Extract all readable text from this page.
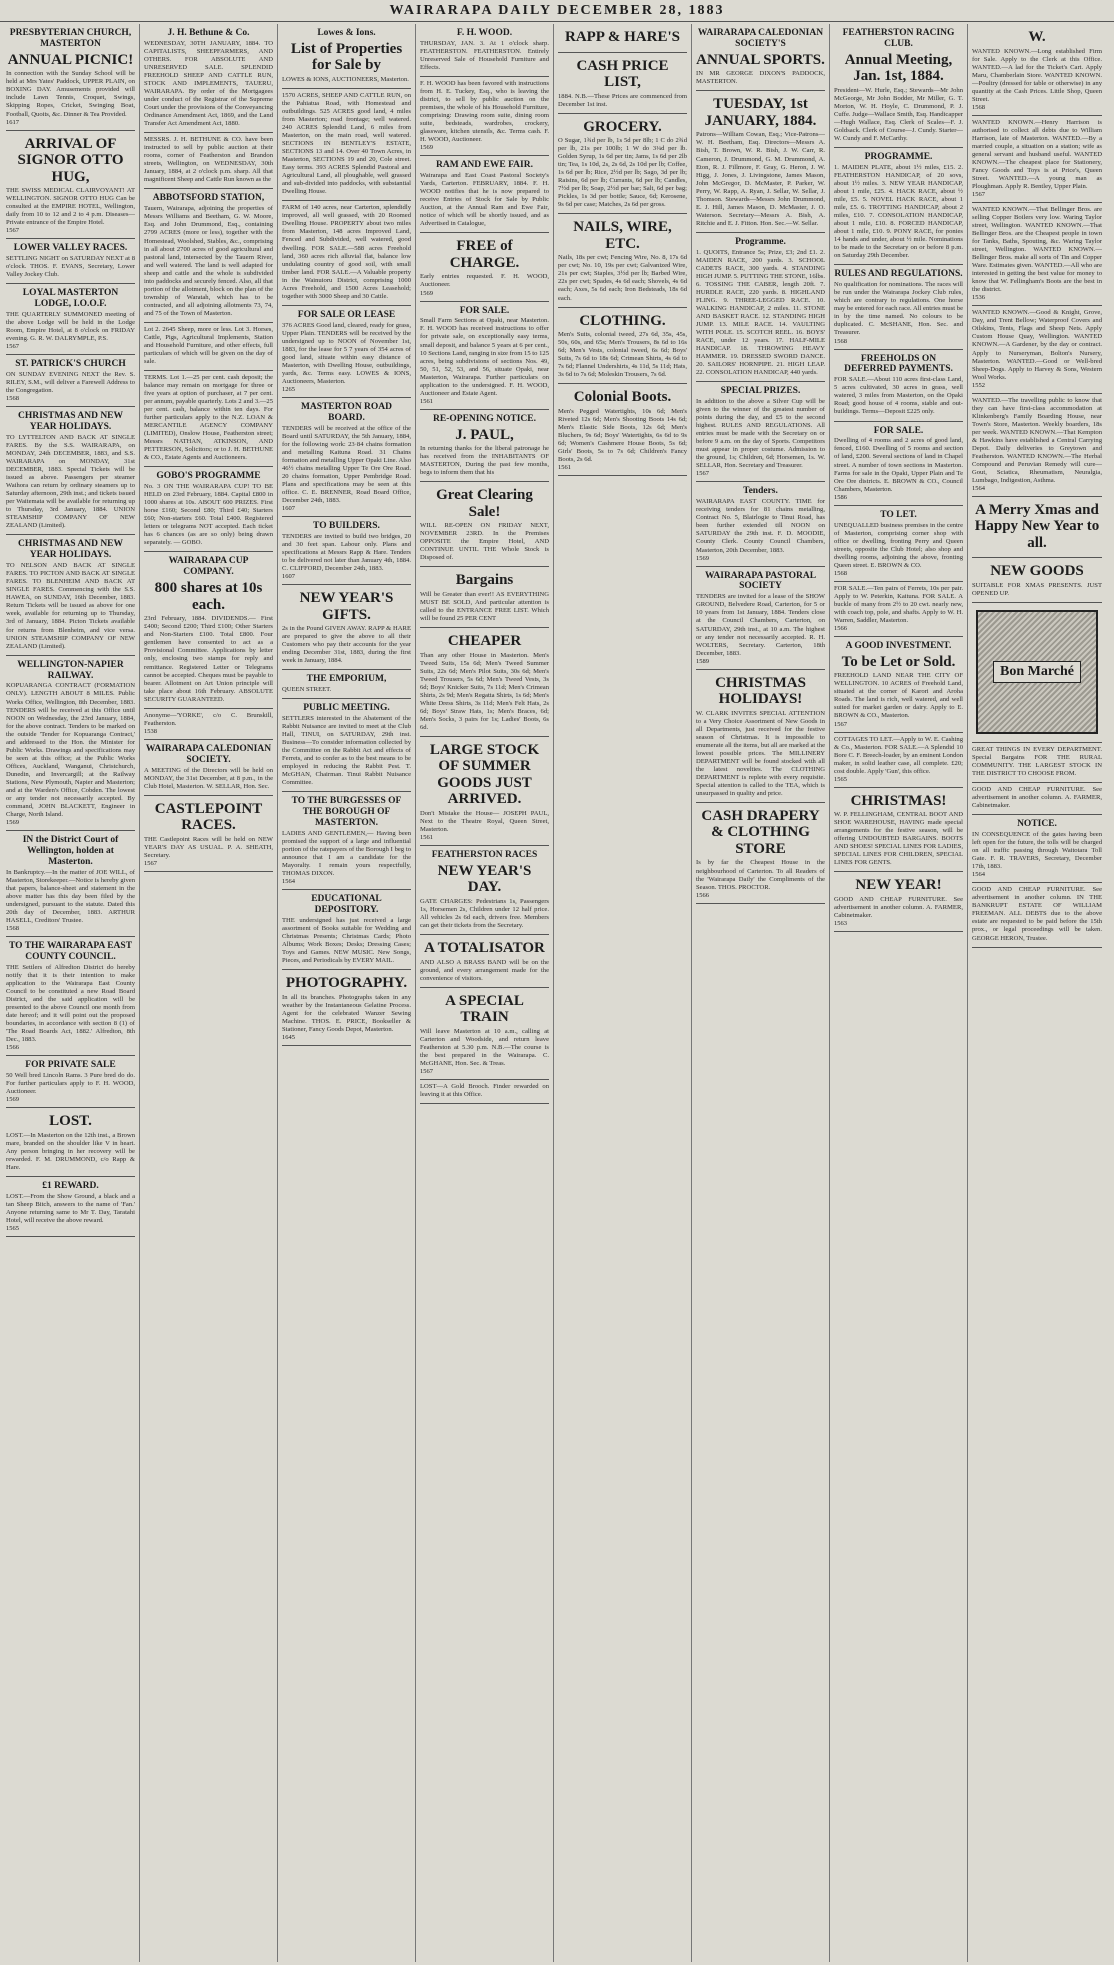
WAIRARAPA DAILY DECEMBER 28, 1883
PRESBYTERIAN CHURCH, MASTERTON
ANNUAL PICNIC!

In connection with the Sunday School will be held at Mrs Yates' Paddock, UPPER PLAIN, on BOXING DAY. Amusements provided will include Lawn Tennis, Croquet, Swings, Skipping Ropes, Cricket, Swinging Boat, Football, Quoits, &c. Dinner & Tea Provided.

1617
ARRIVAL OF SIGNOR OTTO HUG,

THE SWISS MEDICAL CLAIRVOYANT! AT WELLINGTON. SIGNOR OTTO HUG Can be consulted at the EMPIRE HOTEL, Wellington, daily from 10 to 12 and 2 to 4 p.m. Diseases—Private entrance of the Empire Hotel.

1567
LOWER VALLEY RACES.

SETTLING NIGHT on SATURDAY NEXT at 8 o'clock. THOS. F. EVANS, Secretary, Lower Valley Jockey Club.

LOYAL MASTERTON LODGE, I.O.O.F.

THE QUARTERLY SUMMONED meeting of the above Lodge will be held in the Lodge Room, Empire Hotel, at 8 o'clock on FRIDAY evening. G. R. W. DALRYMPLE, P.S.

1567
ST. PATRICK'S CHURCH

ON SUNDAY EVENING NEXT the Rev. S. RILEY, S.M., will deliver a Farewell Address to the Congregation.

1568
CHRISTMAS AND NEW YEAR HOLIDAYS.

TO LYTTELTON AND BACK AT SINGLE FARES. By the S.S. WAIRARAPA, on MONDAY, 24th DECEMBER, 1883, and S.S. WAIRARAPA on MONDAY, 31st DECEMBER, 1883. Special Tickets will be issued as above. Passengers per steamer Waihora can return by ordinary steamers up to Saturday afternoon, 29th inst.; and tickets issued per Waitemata will be available for returning up to Thursday, 3rd January, 1884. UNION STEAMSHIP COMPANY OF NEW ZEALAND (Limited).

CHRISTMAS AND NEW YEAR HOLIDAYS.

TO NELSON AND BACK AT SINGLE FARES. TO PICTON AND BACK AT SINGLE FARES. TO BLENHEIM AND BACK AT SINGLE FARES. Commencing with the S.S. HAWEA, on SUNDAY, 16th December, 1883. Return Tickets will be issued as above for one week, available for returning up to Thursday, 3rd of January, 1884. Picton Tickets available for returns from Blenheim, and vice versa. UNION STEAMSHIP COMPANY OF NEW ZEALAND (Limited).

WELLINGTON-NAPIER RAILWAY.

KOPUARANGA CONTRACT (FORMATION ONLY). LENGTH ABOUT 8 MILES. Public Works Office, Wellington, 8th December, 1883. TENDERS will be received at this Office until NOON on Wednesday, the 23rd January, 1884, for the above contract. Tenders to be marked on the outside 'Tender for Kopuaranga Contract,' and addressed to the Hon. the Minister for Public Works. Drawings and specifications may be seen at this office; at the Public Works Offices, Auckland, Wanganui, Christchurch, Dunedin, and Invercargill; at the Railway Stations, New Plymouth, Napier and Masterton; and at the Warden's Office, Cobden. The lowest or any tender not necessarily accepted. By command, JOHN BLACKETT, Engineer in Charge, North Island.

1569
IN the District Court of Wellington, holden at Masterton.

In Bankruptcy.—In the matter of JOE WILL, of Masterton, Storekeeper.—Notice is hereby given that papers, balance-sheet and statement in the above matter has this day been filed by the undersigned, pursuant to the statute. Dated this 20th day of December, 1883. ARTHUR HASELL, Creditors' Trustee.

1568
TO THE WAIRARAPA EAST COUNTY COUNCIL.

THE Settlers of Alfredton District do hereby notify that it is their intention to make application to the Wairarapa East County Council to be constituted a new Road Board District, and the said application will be presented to the above Council one month from date hereof; and it will point out the proposed boundaries, in accordance with section 8 (1) of 'The Road Boards Act, 1882.' Alfredton, 8th Dec., 1883.

1566
FOR PRIVATE SALE

50 Well bred Lincoln Rams. 3 Pure bred do do. For further particulars apply to F. H. WOOD, Auctioneer.

1569
LOST.

LOST.—In Masterton on the 12th inst., a Brown mare, branded on the shoulder like V in heart. Any person bringing in her recovery will be rewarded. F. M. DRUMMOND, c/o Rapp & Hare.

£1 REWARD.

LOST.—From the Show Ground, a black and a tan Sheep Bitch, answers to the name of 'Fan.' Anyone returning same to Mr T. Day, Taratahi Hotel, will receive the above reward.

1565
J. H. Bethune & Co.

WEDNESDAY, 30TH JANUARY, 1884. TO CAPITALISTS, SHEEPFARMERS, AND OTHERS. FOR ABSOLUTE AND UNRESERVED SALE. SPLENDID FREEHOLD SHEEP AND CATTLE RUN, STOCK AND IMPLEMENTS, TAUERU, WAIRARAPA. By order of the Mortgagees under conduct of the Registrar of the Supreme Court under the provisions of the Conveyancing Ordinance Amendment Act, 1869, and the Land Transfer Act Amendment Act, 1880.

MESSRS. J. H. BETHUNE & CO. have been instructed to sell by public auction at their rooms, corner of Featherston and Brandon streets, Wellington, on WEDNESDAY, 30th January, 1884, at 2 o'clock p.m. sharp. All that magnificent Sheep and Cattle Run known as the

ABBOTSFORD STATION,

Tauern, Wairarapa, adjoining the properties of Messrs Williams and Beetham, G. W. Moore, Esq. and John Drummond, Esq., containing 2799 ACRES (more or less), together with the Homestead, Woolshed, Stables, &c., comprising in all about 2700 acres of good agricultural and pastoral land, intersected by the Tauern River, and well watered. The land is well adapted for sheep and cattle and the whole is subdivided into paddocks and securely fenced. Also, all that portion of the allotment, block on the plan of the township of Waratah, which has to be contracted, and all adjoining allotments 73, 74, and 75 of the Town of Masterton.

Lot 2. 2645 Sheep, more or less. Lot 3. Horses, Cattle, Pigs, Agricultural Implements, Station and Household Furniture, and other effects, full particulars of which will be given on the day of sale.

TERMS. Lot 1.—25 per cent. cash deposit; the balance may remain on mortgage for three or five years at option of purchaser, at 7 per cent. per annum, payable quarterly. Lots 2 and 3.—25 per cent. cash, balance within ten days. For further particulars apply to the N.Z. LOAN & MERCANTILE AGENCY COMPANY (LIMITED), Onslow House, Featherston street; Messrs NATHAN, ATKINSON, AND PETTERSON, Solicitors; or to J. H. BETHUNE & CO., Estate Agents and Auctioneers.

GOBO'S PROGRAMME

No. 3 ON THE WAIRARAPA CUP! TO BE HELD on 23rd February, 1884. Capital £800 in 1000 shares at 10s. ABOUT 600 PRIZES. First horse £160; Second £80; Third £40; Starters £60; Non-starters £60. Total £400. Registered letters or telegrams NOT accepted. Each ticket has 6 chances (as are so only) being drawn separately. — GOBO.

WAIRARAPA CUP COMPANY.
800 shares at 10s each.

23rd February, 1884. DIVIDENDS.— First £400; Second £200; Third £100; Other Starters and Non-Starters £100. Total £800. Four gentlemen have consented to act as a Provisional Committee. Applications by letter only, enclosing two stamps for reply and remittance. Registered Letter or Telegrams cannot be accepted. Cheques must be payable to bearer. Allotment on Art Union principle will take place about 16th February. ABSOLUTE SECURITY GUARANTEED.

Anonyme—'YORKE', c/o C. Brunskill, Featherston.

1538
WAIRARAPA CALEDONIAN SOCIETY.

A MEETING of the Directors will be held on MONDAY, the 31st December, at 8 p.m., in the Club Hotel, Masterton. W. SELLAR, Hon. Sec.

CASTLEPOINT RACES.

THE Castlepoint Races will be held on NEW YEAR'S DAY AS USUAL. P. A. SHEATH, Secretary.

1567
Lowes & Ions.
List of Properties for Sale by

LOWES & IONS, AUCTIONEERS, Masterton.

1570 ACRES, SHEEP AND CATTLE RUN, on the Pahiatua Road, with Homestead and outbuildings. 525 ACRES good land, 4 miles from Masterton; road frontage; well watered. 240 ACRES Splendid Land, 6 miles from Masterton, on the main road, well watered. SECTIONS IN BENTLEY'S ESTATE, SECTIONS 13 and 14. Over 40 Town Acres, in Masterton, SECTIONS 19 and 20, Cole street. Easy terms. 393 ACRES Splendid Pastoral and Agricultural Land, all ploughable, well grassed and sub-divided into paddocks, with substantial Dwelling House.

FARM of 140 acres, near Carterton, splendidly improved, all well grassed, with 20 Roomed Dwelling House. PROPERTY about two miles from Masterton, 148 acres Improved Land, Fenced and Subdivided, well watered, good dwelling. FOR SALE.—588 acres Freehold land, 360 acres rich alluvial flat, balance low undulating country of good soil, with small timber land. FOR SALE.—A Valuable property in the Wainuioru District, comprising 1000 Acres Freehold, and 1500 Acres Leasehold; together with 3000 Sheep and 30 Cattle.

FOR SALE OR LEASE

376 ACRES Good land, cleared, ready for grass, Upper Plain. TENDERS will be received by the undersigned up to NOON of November 1st, 1883, for the lease for 5 7 years of 354 acres of good land, situate within easy distance of Masterton, with Dwelling House, outbuildings, yards, &c. Terms easy. LOWES & IONS, Auctioneers, Masterton.

1265
MASTERTON ROAD BOARD.

TENDERS will be received at the office of the Board until SATURDAY, the 5th January, 1884, for the following work: 23·84 chains formation and metalling Kaituna Road. 31 Chains formation and metalling Upper Opaki Line. Also 46½ chains metalling Upper Te Ore Ore Road. 20 chains formation, Upper Pembridge Road. Plans and specifications may be seen at this office. C. E. BRENNER, Road Board Office, December 24th, 1883.

1607
TO BUILDERS.

TENDERS are invited to build two bridges, 20 and 30 feet span. Labour only. Plans and specifications at Messrs Rapp & Hare. Tenders to be delivered not later than January 4th, 1884. C. CLIFFORD, December 24th, 1883.

1607
NEW YEAR'S GIFTS.

2s in the Pound GIVEN AWAY. RAPP & HARE are prepared to give the above to all their Customers who pay their accounts for the year ending December 31st, 1883, during the first week in January, 1884.

THE EMPORIUM,

QUEEN STREET.

PUBLIC MEETING.

SETTLERS interested in the Abatement of the Rabbit Nuisance are invited to meet at the Club Hall, TINUI, on SATURDAY, 29th inst. Business—To consider information collected by the Committee on the Rabbit Act and effects of Ferrets, and to confer as to the best means to be employed in reducing the Rabbit Pest. T. McGHAN, Chairman. Tinui Rabbit Nuisance Committee.

TO THE BURGESSES OF THE BOROUGH OF MASTERTON.

LADIES AND GENTLEMEN,— Having been promised the support of a large and influential portion of the ratepayers of the Borough I beg to announce that I am a candidate for the Mayoralty. I remain yours respectfully, THOMAS DIXON.

1564
EDUCATIONAL DEPOSITORY.

THE undersigned has just received a large assortment of Books suitable for Wedding and Christmas Presents; Christmas Cards; Photo Albums; Work Boxes; Desks; Dressing Cases; Toys and Games. NEW MUSIC. New Songs, Pieces, and Periodicals by EVERY MAIL.

PHOTOGRAPHY.

In all its branches. Photographs taken in any weather by the Instantaneous Gelatine Process. Agent for the celebrated Wanzer Sewing Machine. THOS. E. PRICE, Bookseller & Stationer, Fancy Goods Depot, Masterton.

1645
F. H. WOOD.

THURSDAY, JAN. 3. At 1 o'clock sharp. FEATHERSTON. FEATHERSTON. Entirely Unreserved Sale of Household Furniture and Effects.

F. H. WOOD has been favored with instructions from H. E. Tuckey, Esq., who is leaving the district, to sell by public auction on the premises, the whole of his Household Furniture, comprising: Drawing room suite, dining room suite, bedsteads, wardrobes, crockery, glassware, kitchen utensils, &c. Terms cash. F. H. WOOD, Auctioneer.

1569
RAM AND EWE FAIR.

Wairarapa and East Coast Pastoral Society's Yards, Carterton. FEBRUARY, 1884. F. H. WOOD notifies that he is now prepared to receive Entries of Stock for Sale by Public Auction, at the Annual Ram and Ewe Fair, notice of which will be shortly issued, and as Advertised in Catalogue,

FREE of CHARGE.

Early entries requested. F. H. WOOD, Auctioneer.

1569
FOR SALE.

Small Farm Sections at Opaki, near Masterton. F. H. WOOD has received instructions to offer for private sale, on exceptionally easy terms, small deposit, and balance 5 years at 6 per cent., 10 Sections Land, ranging in size from 15 to 125 acres, being subdivisions of sections Nos. 49, 50, 51, 52, 53, and 56, situate Opaki, near Masterton, Wairarapa. Further particulars on application to the undersigned. F. H. WOOD, Auctioneer and Estate Agent.

1561
RE-OPENING NOTICE.
J. PAUL,

In returning thanks for the liberal patronage he has received from the INHABITANTS OF MASTERTON, During the past few months, begs to inform them that his

Great Clearing Sale!

WILL RE-OPEN ON FRIDAY NEXT, NOVEMBER 23RD. In the Premises OPPOSITE the Empire Hotel, AND CONTINUE UNTIL THE Whole Stock is Disposed of.

Bargains

Will be Greater than ever!! AS EVERYTHING MUST BE SOLD, And particular attention is called to the ENTRANCE FREE LIST. Which will be found 25 PER CENT

CHEAPER

Than any other House in Masterton. Men's Tweed Suits, 15s 6d; Men's Tweed Summer Suits, 22s 6d; Men's Pilot Suits, 30s 6d; Men's Tweed Trousers, 5s 6d; Men's Tweed Vests, 3s 6d; Boys' Knicker Suits, 7s 11d; Men's Crimean Shirts, 2s 9d; Men's Regatta Shirts, 1s 6d; Men's White Dress Shirts, 3s 11d; Men's Felt Hats, 2s 6d; Boys' Straw Hats, 1s; Men's Braces, 6d; Men's Socks, 3 pairs for 1s; Ladies' Boots, 6s 6d.

LARGE STOCK OF SUMMER GOODS JUST ARRIVED.

Don't Mistake the House— JOSEPH PAUL, Next to the Theatre Royal, Queen Street, Masterton.

1561
FEATHERSTON RACES
NEW YEAR'S DAY.

GATE CHARGES: Pedestrians 1s, Passengers 1s, Horsemen 2s, Children under 12 half price. All vehicles 2s 6d each, drivers free. Members can get their tickets from the Secretary.

A TOTALISATOR

AND ALSO A BRASS BAND will be on the ground, and every arrangement made for the convenience of visitors.

A SPECIAL TRAIN

Will leave Masterton at 10 a.m., calling at Carterton and Woodside, and return leave Featherston at 5.30 p.m. N.B.—The course is the best prepared in the Wairarapa. C. McGHANE, Hon. Sec. & Treas.

1567

LOST—A Gold Brooch. Finder rewarded on leaving it at this Office.

RAPP & HARE'S
CASH PRICE LIST,

1884. N.B.—These Prices are commenced from December 1st inst.

GROCERY.

O Sugar, 1¾d per lb, 1s 5d per 8lb; 1 C do 2¾d per lb, 21s per 100lb; 1 W do 3¼d per lb. Golden Syrup, 1s 6d per tin; Jams, 1s 6d per 2lb tin; Tea, 1s 10d, 2s, 2s 6d, 2s 10d per lb; Coffee, 1s 6d per lb; Rice, 2½d per lb; Sago, 3d per lb; Raisins, 6d per lb; Currants, 6d per lb; Candles, 7½d per lb; Soap, 2½d per bar; Salt, 6d per bag; Pickles, 1s 3d per bottle; Sauce, 6d; Kerosene, 9s 6d per case; Matches, 2s 6d per gross.

NAILS, WIRE, ETC.

Nails, 18s per cwt; Fencing Wire, No. 8, 17s 6d per cwt; No. 10, 19s per cwt; Galvanized Wire, 21s per cwt; Staples, 3½d per lb; Barbed Wire, 22s per cwt; Spades, 4s 6d each; Shovels, 4s 6d each; Axes, 5s 6d each; Iron Bedsteads, 18s 6d each.

CLOTHING.

Men's Suits, colonial tweed, 27s 6d, 35s, 45s, 50s, 60s, and 65s; Men's Trousers, 8s 6d to 16s 6d; Men's Vests, colonial tweed, 6s 6d; Boys' Suits, 7s 6d to 18s 6d; Crimean Shirts, 4s 6d to 7s 6d; Flannel Undershirts, 4s 11d, 5s 11d; Hats, 3s 6d to 7s 6d; Moleskin Trousers, 7s 6d.

Colonial Boots.

Men's Pegged Watertights, 10s 6d; Men's Riveted 12s 6d; Men's Shooting Boots 14s 6d; Men's Elastic Side Boots, 12s 6d; Men's Bluchers, 9s 6d; Boys' Watertights, 6s 6d to 9s 6d; Women's Cashmere House Boots, 5s 6d; Girls' Boots, 5s to 7s 6d; Children's Fancy Boots, 2s 6d.

1561
WAIRARAPA CALEDONIAN SOCIETY'S
ANNUAL SPORTS.

IN MR GEORGE DIXON'S PADDOCK, MASTERTON.

TUESDAY, 1st JANUARY, 1884.

Patrons—William Cowan, Esq.; Vice-Patrons—W. H. Beetham, Esq. Directors—Messrs A. Bish, T. Brown, W. R. Bish, J. W. Carr, R. Cameron, J. Drummond, G. M. Drummond, A. Eton, R. J. Fillmore, F. Gray, G. Heron, J. W. Higg, J. Jones, J. Livingstone, James Mason, John McGregor, D. McMaster, P. Parker, W. Perry, W. Rapp, A. Ryan, J. Sellar, W. Sellar, J. Thomson. Stewards—Messrs John Drummond, E. J. Hill, James Mason, D. McMaster, J. O. Waterson. Secretary—Messrs A. Bish, A. Ritchie and E. J. Fitton. Hon. Sec.—W. Sellar.

Programme.

1. QUOITS, Entrance 5s; Prize, £3; 2nd £1. 2. MAIDEN RACE, 200 yards. 3. SCHOOL CADETS RACE, 300 yards. 4. STANDING HIGH JUMP. 5. PUTTING THE STONE, 16lbs. 6. TOSSING THE CABER, length 20ft. 7. HURDLE RACE, 220 yards. 8. HIGHLAND FLING. 9. THREE-LEGGED RACE. 10. WALKING HANDICAP, 2 miles. 11. STONE AND BASKET RACE. 12. STANDING HIGH JUMP. 13. MILE RACE. 14. VAULTING WITH POLE. 15. SCOTCH REEL. 16. BOYS' RACE, under 12 years. 17. HALF-MILE HANDICAP. 18. THROWING HEAVY HAMMER. 19. DRESSED SWORD DANCE. 20. SAILORS' HORNPIPE. 21. HIGH LEAP. 22. CONSOLATION HANDICAP, 440 yards.

SPECIAL PRIZES.

In addition to the above a Silver Cup will be given to the winner of the greatest number of points during the day, and £5 to the second highest. RULES AND REGULATIONS. All entries must be made with the Secretary on or before 9 a.m. on the day of Sports. Competitors must appear in proper costume. Admission to the ground, 1s; Children, 6d; Horsemen, 1s. W. SELLAR, Hon. Secretary and Treasurer.

1567
Tenders.

WAIRARAPA EAST COUNTY. TIME for receiving tenders for 81 chains metalling, Contract No. 5, Blairlogie to Tinui Road, has been further extended till NOON on SATURDAY the 29th inst. F. D. MOODIE, County Clerk. County Council Chambers, Masterton, 20th December, 1883.

1569
WAIRARAPA PASTORAL SOCIETY

TENDERS are invited for a lease of the SHOW GROUND, Belvedere Road, Carterton, for 5 or 10 years from 1st January, 1884. Tenders close at the Council Chambers, Carterton, on SATURDAY, 29th inst., at 10 a.m. The highest or any tender not necessarily accepted. R. H. WOLTERS, Secretary. Carterton, 18th December, 1883.

1589
CHRISTMAS HOLIDAYS!

W. CLARK INVITES SPECIAL ATTENTION to a Very Choice Assortment of New Goods in all Departments, just received for the festive season of Christmas. It is impossible to enumerate all the items, but all are marked at the lowest possible prices. The MILLINERY DEPARTMENT will be found stocked with all the latest novelties. The CLOTHING DEPARTMENT is replete with every requisite. Special attention is called to the TEA, which is unsurpassed in quality and price.

CASH DRAPERY & CLOTHING STORE

Is by far the Cheapest House in the neighbourhood of Carterton. To all Readers of the 'Wairarapa Daily' the Compliments of the Season. THOS. PROCTOR.

1566
FEATHERSTON RACING CLUB.
Annual Meeting, Jan. 1st, 1884.

President—W. Hurle, Esq.; Stewards—Mr John McGeorge, Mr John Bodder, Mr Miller, G. T. Morton, W. H. Hoyle, C. Drummond, P. J. Cuffe. Judge—Wallace Smith, Esq. Handicapper—Hugh Wallace, Esq. Clerk of Scales—F. J. Goldsack. Clerk of Course—J. Cundy. Starter—W. Cundy and F. McCarthy.

PROGRAMME.

1. MAIDEN PLATE, about 1½ miles, £15. 2. FEATHERSTON HANDICAP, of 20 sovs, about 1½ miles. 3. NEW YEAR HANDICAP, about 1 mile, £25. 4. HACK RACE, about ½ mile, £5. 5. NOVEL HACK RACE, about 1 mile, £5. 6. TROTTING HANDICAP, about 2 miles, £10. 7. CONSOLATION HANDICAP, about 1 mile, £10. 8. FORCED HANDICAP, about 1 mile, £10. 9. PONY RACE, for ponies 14 hands and under, about ½ mile. Nominations to be made to the Secretary on or before 8 p.m. on Saturday 29th December.

RULES AND REGULATIONS.

No qualification for nominations. The races will be run under the Wairarapa Jockey Club rules, which are contrary to regulations. One horse may be entered for each race. All entries must be in by the time named. No colours to be duplicated. C. McSHANE, Hon. Sec. and Treasurer.

1568
FREEHOLDS ON DEFERRED PAYMENTS.

FOR SALE.—About 110 acres first-class Land, 5 acres cultivated, 30 acres in grass, well watered, 3 miles from Masterton, on the Opaki Road; good house of 4 rooms, stable and out-buildings. Terms—Deposit £225 only.

FOR SALE.

Dwelling of 4 rooms and 2 acres of good land, fenced, £160. Dwelling of 5 rooms and section of land, £200. Several sections of land in Chapel street. A number of town sections in Masterton. Farms for sale in the Opaki, Upper Plain and Te Ore Ore districts. E. BROWN & CO., Council Chambers, Masterton.

1586
TO LET.

UNEQUALLED business premises in the centre of Masterton, comprising corner shop with office or dwelling, fronting Perry and Queen streets, opposite the Club Hotel; also shop and dwelling rooms, adjoining the above, fronting Queen street. E. BROWN & CO.

1568

FOR SALE.—Ten pairs of Ferrets, 10s per pair. Apply to W. Peterkin, Kaituna. FOR SALE. A buckle of many from 2½ to 20 cwt. nearly new, with coach top, pole, and shafts. Apply to W. H. Warren, Saddler, Masterton.

1566
A GOOD INVESTMENT.
To be Let or Sold.

FREEHOLD LAND NEAR THE CITY OF WELLINGTON. 10 ACRES of Freehold Land, situated at the corner of Karori and Aroha Roads. The land is rich, well watered, and well suited for market garden or dairy. Apply to E. BROWN & CO., Masterton.

1567

COTTAGES TO LET.—Apply to W. E. Cashing & Co., Masterton. FOR SALE.—A Splendid 10 Bore C. F. Breech-loader, by an eminent London maker, in solid leather case, all complete. £20; cost double. Apply 'Gun', this office.

1565
CHRISTMAS!

W. P. FELLINGHAM, CENTRAL BOOT AND SHOE WAREHOUSE, HAVING made special arrangements for the festive season, will be offering UNDOUBTED BARGAINS. BOOTS AND SHOES! SPECIAL LINES FOR LADIES, SPECIAL LINES FOR CHILDREN, SPECIAL LINES FOR GENTS.

NEW YEAR!

GOOD AND CHEAP FURNITURE. See advertisement in another column. A. FARMER, Cabinetmaker.

1563
W.

WANTED KNOWN.—Long established Firm for Sale. Apply to the Clerk at this Office. WANTED.—A lad for the Ticket's Cart. Apply Maru, Chamberlain Store. WANTED KNOWN.—Poultry (dressed for table or otherwise) in any quantity at the Cash Prices. Little Shop, Queen Street.

1568

WANTED KNOWN.—Henry Harrison is authorised to collect all debts due to William Harrison, late of Masterton. WANTED.—By a married couple, a situation on a station; wife as general servant and husband useful. WANTED KNOWN.—The cheapest place for Stationery, Fancy Goods and Toys is at Price's, Queen Street. WANTED.—A young man as Ploughman. Apply R. Bentley, Upper Plain.

1567

WANTED KNOWN.—That Bellinger Bros. are selling Copper Boilers very low. Waring Taylor street, Wellington. WANTED KNOWN.—That Bellinger Bros. are the Cheapest people in town for Tanks, Baths, Spouting, &c. Waring Taylor street, Wellington. WANTED KNOWN.—Bellinger Bros. make all sorts of Tin and Copper Ware. Estimates given. WANTED.—All who are interested in getting the best value for money to know that W. Fellingham's Boots are the best in the district.

1536

WANTED KNOWN.—Good & Knight, Grove, Day, and Trent Bellow; Waterproof Covers and Oilskins, Tents, Flags and Sheep Nets. Apply Custom House Quay, Wellington. WANTED KNOWN.—A Gardener, by the day or contract. Apply to Nurseryman, Bolton's Nursery, Masterton. WANTED.—Good or Well-bred Sheep-Dogs. Apply to Harvey & Sons, Western Wool Works.

1552

WANTED.—The travelling public to know that they can have first-class accommodation at Klinkenberg's Family Boarding House, near Town's Store, Masterton. Weekly boarders, 18s per week. WANTED KNOWN.—That Kempton & Hawkins have established a Central Carrying Depot. Daily deliveries to Greytown and Featherston. WANTED KNOWN.—The Herbal Compound and Peruvian Remedy will cure—Gout, Sciatica, Rheumatism, Neuralgia, Lumbago, Indigestion, Asthma.

1564
A Merry Xmas and Happy New Year to all.
NEW GOODS

SUITABLE FOR XMAS PRESENTS. JUST OPENED UP.

Bon Marché

GREAT THINGS IN EVERY DEPARTMENT. Special Bargains FOR THE RURAL COMMUNITY. THE LARGEST STOCK IN THE DISTRICT TO CHOOSE FROM.

GOOD AND CHEAP FURNITURE. See advertisement in another column. A. FARMER, Cabinetmaker.

NOTICE.

IN CONSEQUENCE of the gates having been left open for the future, the tolls will be charged on all traffic passing through Waitotara Toll Gate. F. R. TRAVERS, Secretary, December 17th, 1883.

1564

GOOD AND CHEAP FURNITURE. See advertisement in another column. IN THE BANKRUPT ESTATE OF WILLIAM FREEMAN. ALL DEBTS due to the above estate are requested to be paid before the 15th prox., or legal proceedings will be taken. GEORGE HERON, Trustee.
